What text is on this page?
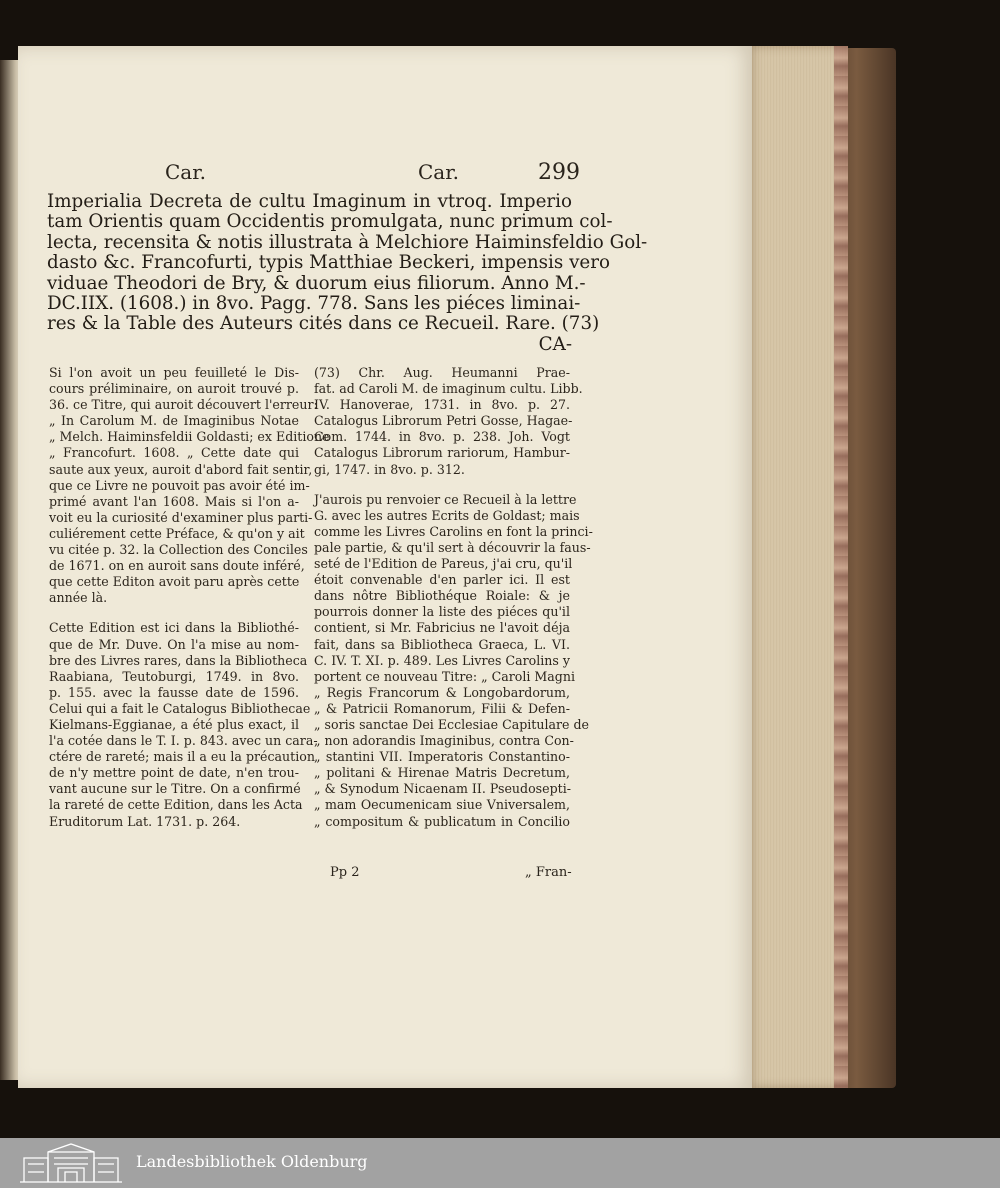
Car.	Car.	299
Imperialia Decreta de cultu Imaginum in vtroq. Imperio
tam Orientis quam Occidentis promulgata, nunc primum col-
lecta, recensita & notis illustrata à Melchiore Haiminsfeldio Gol-
dasto &c. Francofurti, typis Matthiae Beckeri, impensis vero
viduae Theodori de Bry, & duorum eius filiorum. Anno M.-
DC.IIX. (1608.) in 8vo. Pagg. 778. Sans les piéces liminai-
res & la Table des Auteurs cités dans ce Recueil. Rare. (73)
CA-

Si l'on avoit un peu feuilleté le Dis-
cours préliminaire, on auroit trouvé p.
36. ce Titre, qui auroit découvert l'erreur:
„ In Carolum M. de Imaginibus Notae
„ Melch. Haiminsfeldii Goldasti; ex Editione
„ Francofurt. 1608. „ Cette date qui
saute aux yeux, auroit d'abord fait sentir,
que ce Livre ne pouvoit pas avoir été im-
primé avant l'an 1608. Mais si l'on a-
voit eu la curiosité d'examiner plus parti-
culiérement cette Préface, & qu'on y ait
vu citée p. 32. la Collection des Conciles
de 1671. on en auroit sans doute inféré,
que cette Editon avoit paru après cette
année là.

Cette Edition est ici dans la Bibliothé-
que de Mr. Duve. On l'a mise au nom-
bre des Livres rares, dans la Bibliotheca
Raabiana, Teutoburgi, 1749. in 8vo.
p. 155. avec la fausse date de 1596.
Celui qui a fait le Catalogus Bibliothecae
Kielmans-Eggianae, a été plus exact, il
l'a cotée dans le T. I. p. 843. avec un cara-
ctére de rareté; mais il a eu la précaution
de n'y mettre point de date, n'en trou-
vant aucune sur le Titre. On a confirmé
la rareté de cette Edition, dans les Acta
Eruditorum Lat. 1731. p. 264.

(73) Chr. Aug. Heumanni Prae-
fat. ad Caroli M. de imaginum cultu. Libb.
IV. Hanoverae, 1731. in 8vo. p. 27.
Catalogus Librorum Petri Gosse, Hagae-
Com. 1744. in 8vo. p. 238. Joh. Vogt
Catalogus Librorum rariorum, Hambur-
gi, 1747. in 8vo. p. 312.

J'aurois pu renvoier ce Recueil à la lettre
G. avec les autres Ecrits de Goldast; mais
comme les Livres Carolins en font la princi-
pale partie, & qu'il sert à découvrir la faus-
seté de l'Edition de Pareus, j'ai cru, qu'il
étoit convenable d'en parler ici. Il est
dans nôtre Bibliothéque Roiale: & je
pourrois donner la liste des piéces qu'il
contient, si Mr. Fabricius ne l'avoit déja
fait, dans sa Bibliotheca Graeca, L. VI.
C. IV. T. XI. p. 489. Les Livres Carolins y
portent ce nouveau Titre: „ Caroli Magni
„ Regis Francorum & Longobardorum,
„ & Patricii Romanorum, Filii & Defen-
„ soris sanctae Dei Ecclesiae Capitulare de
„ non adorandis Imaginibus, contra Con-
„ stantini VII. Imperatoris Constantino-
„ politani & Hirenae Matris Decretum,
„ & Synodum Nicaenam II. Pseudosepti-
„ mam Oecumenicam siue Vniversalem,
„ compositum & publicatum in Concilio

Pp 2	„ Fran-
Landesbibliothek Oldenburg
